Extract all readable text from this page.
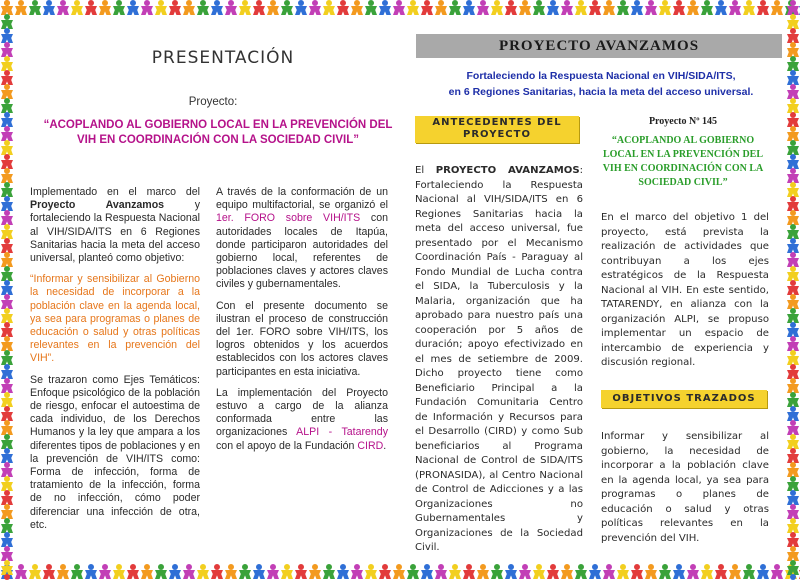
PRESENTACIÓN
Proyecto:
“ACOPLANDO AL GOBIERNO LOCAL EN LA PREVENCIÓN DEL VIH EN COORDINACIÓN CON LA SOCIEDAD CIVIL”

Implementado en el marco del Proyecto Avanzamos y fortaleciendo la Respuesta Nacional al VIH/SIDA/ITS en 6 Regiones Sanitarias hacia la meta del acceso universal, planteó como objetivo:

“Informar y sensibilizar al Gobierno la necesidad de incorporar a la población clave en la agenda local, ya sea para programas o planes de educación o salud y otras políticas relevantes en la prevención del VIH”.

Se trazaron como Ejes Temáticos: Enfoque psicológico de la población de riesgo, enfocar el autoestima de cada individuo, de los Derechos Humanos y la ley que ampara a los diferentes tipos de poblaciones y en la prevención de VIH/ITS como: Forma de infección, forma de tratamiento de la infección, forma de no infección, cómo poder diferenciar una infección de otra, etc.

A través de la conformación de un equipo multifactorial, se organizó el 1er. FORO sobre VIH/ITS con autoridades locales de Itapúa, donde participaron autoridades del gobierno local, referentes de poblaciones claves y actores claves civiles y gubernamentales.

Con el presente documento se ilustran el proceso de construcción del 1er. FORO sobre VIH/ITS, los logros obtenidos y los acuerdos establecidos con los actores claves participantes en esta iniciativa.

La implementación del Proyecto estuvo a cargo de la alianza conformada entre las organizaciones ALPI - Tatarendy con el apoyo de la Fundación CIRD.

PROYECTO AVANZAMOS
Fortaleciendo la Respuesta Nacional en VIH/SIDA/ITS,
en 6 Regiones Sanitarias, hacia la meta del acceso universal.
ANTECEDENTES DEL
PROYECTO
El PROYECTO AVANZAMOS: Fortaleciendo la Respuesta Nacional al VIH/SIDA/ITS en 6 Regiones Sanitarias hacia la meta del acceso universal, fue presentado por el Mecanismo Coordinación País - Paraguay al Fondo Mundial de Lucha contra el SIDA, la Tuberculosis y la Malaria, organización que ha aprobado para nuestro país una cooperación por 5 años de duración; apoyo efectivizado en el mes de setiembre de 2009. Dicho proyecto tiene como Beneficiario Principal a la Fundación Comunitaria Centro de Información y Recursos para el Desarrollo (CIRD) y como Sub beneficiarios al Programa Nacional de Control de SIDA/ITS (PRONASIDA), al Centro Nacional de Control de Adicciones y a las Organizaciones no Gubernamentales y Organizaciones de la Sociedad Civil.
Proyecto Nº 145
“ACOPLANDO AL GOBIERNO LOCAL EN LA PREVENCIÓN DEL VIH EN COORDINACIÓN CON LA SOCIEDAD CIVIL”
En el marco del objetivo 1 del proyecto, está prevista la realización de actividades que contribuyan a los ejes estratégicos de la Respuesta Nacional al VIH. En este sentido, TATARENDY, en alianza con la organización ALPI, se propuso implementar un espacio de intercambio de experiencia y discusión regional.
OBJETIVOS TRAZADOS
Informar y sensibilizar al gobierno, la necesidad de incorporar a la población clave en la agenda local, ya sea para programas o planes de educación o salud y otras políticas relevantes en la prevención del VIH.
